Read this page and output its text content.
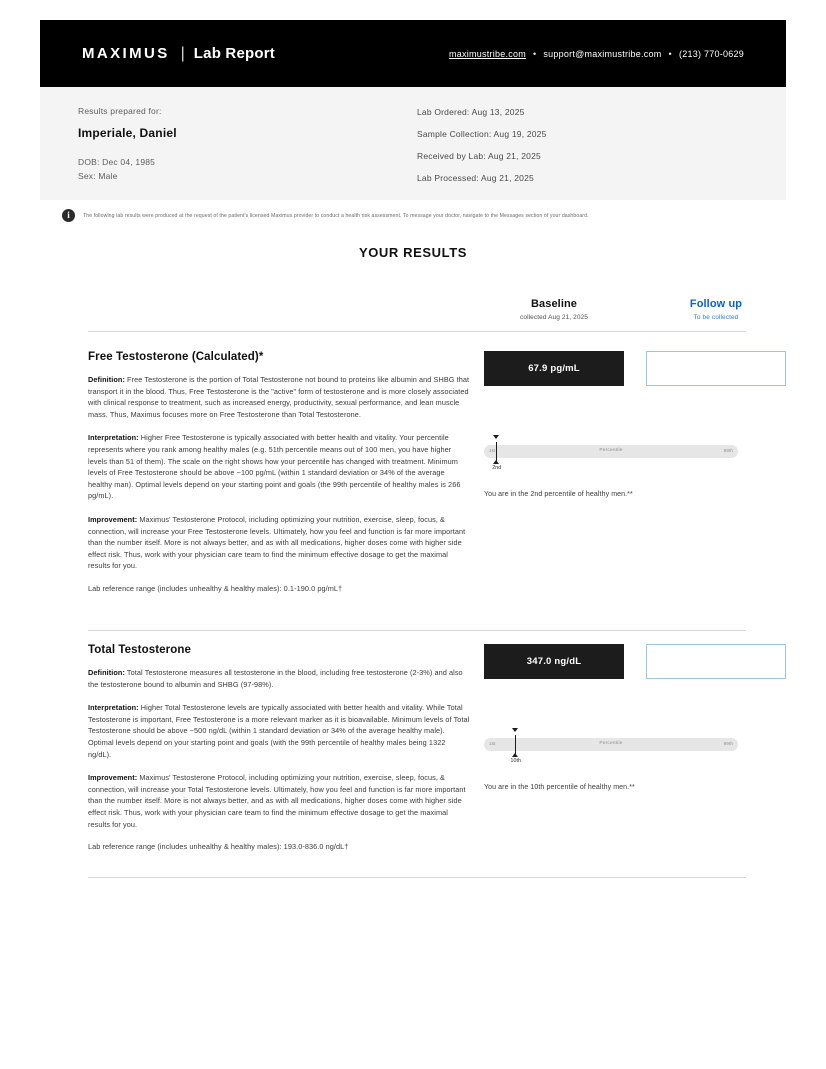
MAXIMUS | Lab Report	maximustribe.com • support@maximustribe.com • (213) 770-0629
Results prepared for:
Imperiale, Daniel
DOB: Dec 04, 1985
Sex: Male
Lab Ordered: Aug 13, 2025
Sample Collection: Aug 19, 2025
Received by Lab: Aug 21, 2025
Lab Processed: Aug 21, 2025
i	The following lab results were produced at the request of the patient's licensed Maximus provider to conduct a health risk assessment. To message your doctor, navigate to the Messages section of your dashboard.
YOUR RESULTS
Baseline
collected Aug 21, 2025
Follow up
To be collected
Free Testosterone (Calculated)*
Definition: Free Testosterone is the portion of Total Testosterone not bound to proteins like albumin and SHBG that transport it in the blood. Thus, Free Testosterone is the "active" form of testosterone and is more closely associated with clinical response to treatment, such as increased energy, productivity, sexual performance, and lean muscle mass. Thus, Maximus focuses more on Free Testosterone than Total Testosterone.
Interpretation: Higher Free Testosterone is typically associated with better health and vitality. Your percentile represents where you rank among healthy males (e.g. 51th percentile means out of 100 men, you have higher levels than 51 of them). The scale on the right shows how your percentile has changed with treatment. Minimum levels of Free Testosterone should be above ~100 pg/mL (within 1 standard deviation or 34% of the average healthy man). Optimal levels depend on your starting point and goals (the 99th percentile of healthy males is 266 pg/mL).
Improvement: Maximus' Testosterone Protocol, including optimizing your nutrition, exercise, sleep, focus, & connection, will increase your Free Testosterone levels. Ultimately, how you feel and function is far more important than the number itself. More is not always better, and as with all medications, higher doses come with higher side effect risk. Thus, work with your physician care team to find the minimum effective dosage to get the maximal results for you.
Lab reference range (includes unhealthy & healthy males): 0.1-190.0 pg/mL†
67.9 pg/mL
1st	Percentile	99th
2nd
You are in the 2nd percentile of healthy men.**
Total Testosterone
Definition: Total Testosterone measures all testosterone in the blood, including free testosterone (2-3%) and also the testosterone bound to albumin and SHBG (97-98%).
Interpretation: Higher Total Testosterone levels are typically associated with better health and vitality. While Total Testosterone is important, Free Testosterone is a more relevant marker as it is bioavailable. Minimum levels of Total Testosterone should be above ~500 ng/dL (within 1 standard deviation or 34% of the average healthy male). Optimal levels depend on your starting point and goals (with the 99th percentile of healthy males being 1322 ng/dL).
Improvement: Maximus' Testosterone Protocol, including optimizing your nutrition, exercise, sleep, focus, & connection, will increase your Total Testosterone levels. Ultimately, how you feel and function is far more important than the number itself. More is not always better, and as with all medications, higher doses come with higher side effect risk. Thus, work with your physician care team to find the minimum effective dosage to get the maximal results for you.
Lab reference range (includes unhealthy & healthy males): 193.0-836.0 ng/dL†
347.0 ng/dL
1st	Percentile	99th
10th
You are in the 10th percentile of healthy men.**
